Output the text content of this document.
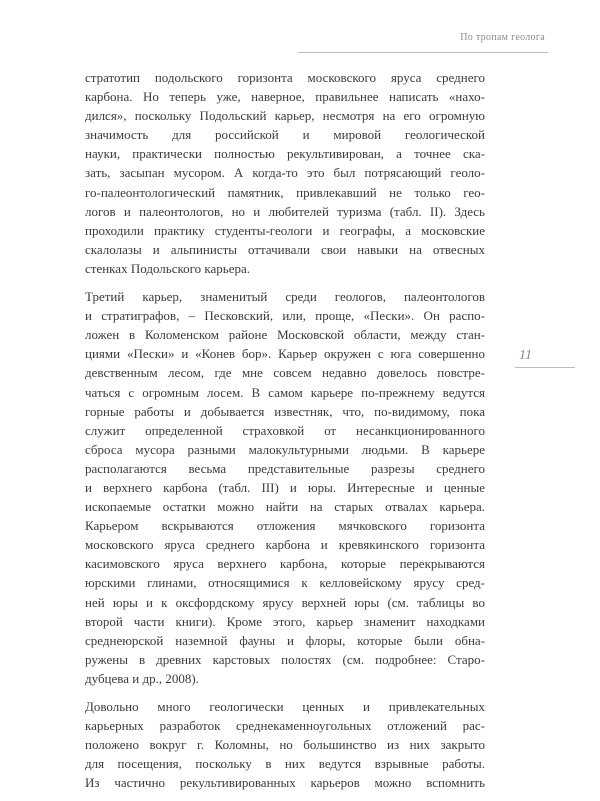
По тропам геолога
11
стратотип подольского горизонта московского яруса среднего
карбона. Но теперь уже, наверное, правильнее написать «нахо-
дился», поскольку Подольский карьер, несмотря на его огромную
значимость для российской и мировой геологической
науки, практически полностью рекультивирован, а точнее ска-
зать, засыпан мусором. А когда-то это был потрясающий геоло-
го-палеонтологический памятник, привлекавший не только гео-
логов и палеонтологов, но и любителей туризма (табл. II). Здесь
проходили практику студенты-геологи и географы, а московские
скалолазы и альпинисты оттачивали свои навыки на отвесных
стенках Подольского карьера.
Третий карьер, знаменитый среди геологов, палеонтологов
и стратиграфов, – Песковский, или, проще, «Пески». Он распо-
ложен в Коломенском районе Московской области, между стан-
циями «Пески» и «Конев бор». Карьер окружен с юга совершенно
девственным лесом, где мне совсем недавно довелось повстре-
чаться с огромным лосем. В самом карьере по-прежнему ведутся
горные работы и добывается известняк, что, по-видимому, пока
служит определенной страховкой от несанкционированного
сброса мусора разными малокультурными людьми. В карьере
располагаются весьма представительные разрезы среднего
и верхнего карбона (табл. III) и юры. Интересные и ценные
ископаемые остатки можно найти на старых отвалах карьера.
Карьером вскрываются отложения мячковского горизонта
московского яруса среднего карбона и кревякинского горизонта
касимовского яруса верхнего карбона, которые перекрываются
юрскими глинами, относящимися к келловейскому ярусу сред-
ней юры и к оксфордскому ярусу верхней юры (см. таблицы во
второй части книги). Кроме этого, карьер знаменит находками
среднеюрской наземной фауны и флоры, которые были обна-
ружены в древних карстовых полостях (см. подробнее: Старо-
дубцева и др., 2008).
Довольно много геологически ценных и привлекательных
карьерных разработок среднекаменноугольных отложений рас-
положено вокруг г. Коломны, но большинство из них закрыто
для посещения, поскольку в них ведутся взрывные работы.
Из частично рекультивированных карьеров можно вспомнить
